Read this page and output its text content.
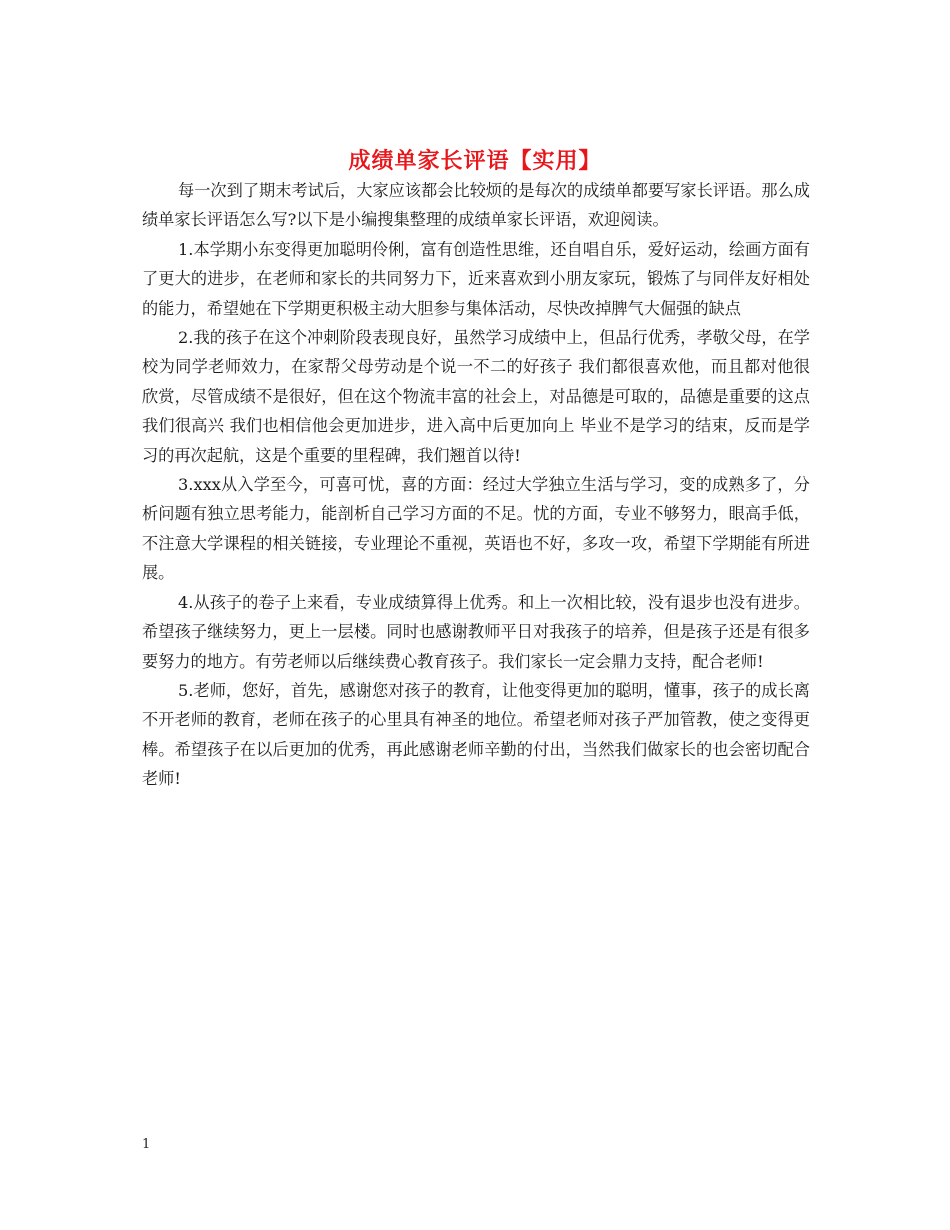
成绩单家长评语【实用】

每一次到了期末考试后，大家应该都会比较烦的是每次的成绩单都要写家长评语。那么成绩单家长评语怎么写?以下是小编搜集整理的成绩单家长评语，欢迎阅读。

1.本学期小东变得更加聪明伶俐，富有创造性思维，还自唱自乐，爱好运动，绘画方面有了更大的进步，在老师和家长的共同努力下，近来喜欢到小朋友家玩，锻炼了与同伴友好相处的能力，希望她在下学期更积极主动大胆参与集体活动，尽快改掉脾气大倔强的缺点

2.我的孩子在这个冲刺阶段表现良好，虽然学习成绩中上，但品行优秀，孝敬父母，在学校为同学老师效力，在家帮父母劳动是个说一不二的好孩子 我们都很喜欢他，而且都对他很欣赏，尽管成绩不是很好，但在这个物流丰富的社会上，对品德是可取的，品德是重要的这点我们很高兴 我们也相信他会更加进步，进入高中后更加向上 毕业不是学习的结束，反而是学习的再次起航，这是个重要的里程碑，我们翘首以待!

3.xxx从入学至今，可喜可忧，喜的方面：经过大学独立生活与学习，变的成熟多了，分析问题有独立思考能力，能剖析自己学习方面的不足。忧的方面，专业不够努力，眼高手低，不注意大学课程的相关链接，专业理论不重视，英语也不好，多攻一攻，希望下学期能有所进展。

4.从孩子的卷子上来看，专业成绩算得上优秀。和上一次相比较，没有退步也没有进步。希望孩子继续努力，更上一层楼。同时也感谢教师平日对我孩子的培养，但是孩子还是有很多要努力的地方。有劳老师以后继续费心教育孩子。我们家长一定会鼎力支持，配合老师!

5.老师，您好，首先，感谢您对孩子的教育，让他变得更加的聪明，懂事，孩子的成长离不开老师的教育，老师在孩子的心里具有神圣的地位。希望老师对孩子严加管教，使之变得更棒。希望孩子在以后更加的优秀，再此感谢老师辛勤的付出，当然我们做家长的也会密切配合老师!

1
